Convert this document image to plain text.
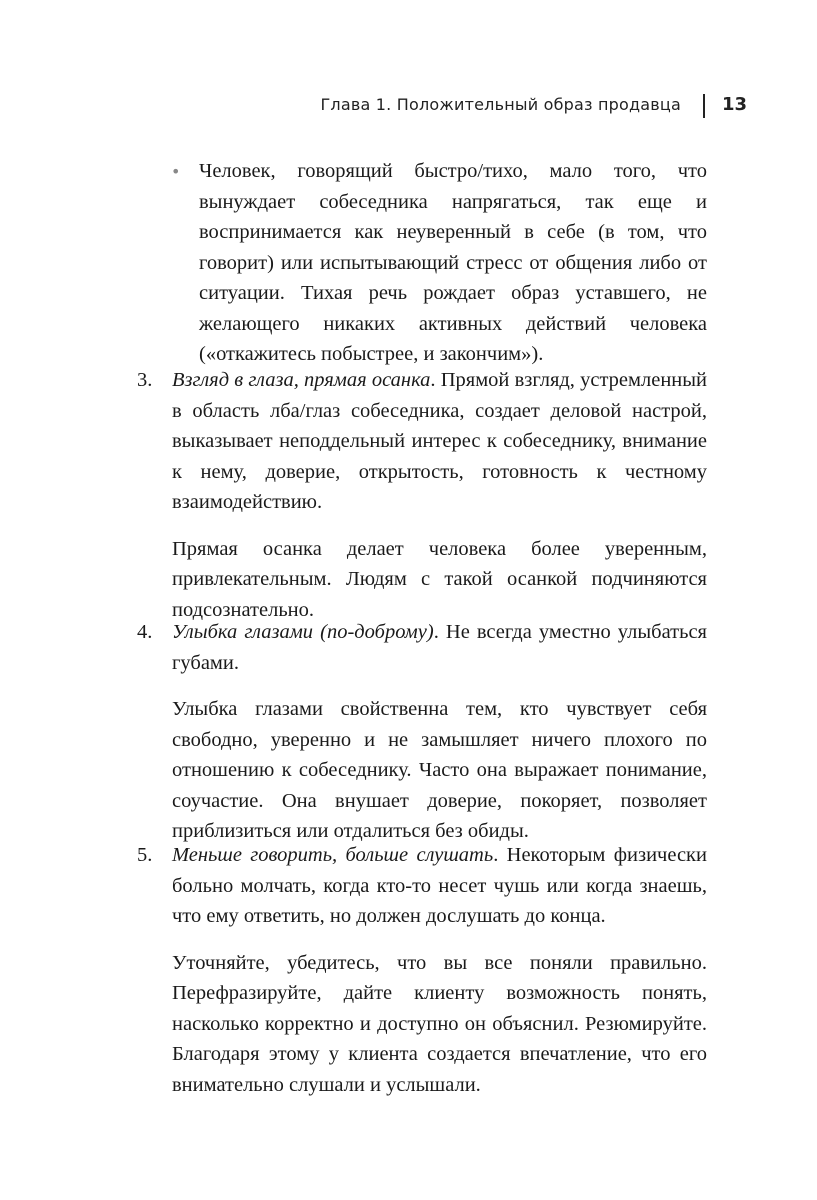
Глава 1. Положительный образ продавца 13
• Человек, говорящий быстро/тихо, мало того, что вынуждает собеседника напрягаться, так еще и воспринимается как неуверенный в себе (в том, что говорит) или испытывающий стресс от общения либо от ситуации. Тихая речь рождает образ уставшего, не желающего никаких активных действий человека («откажитесь побыстрее, и закончим»).

3. Взгляд в глаза, прямая осанка. Прямой взгляд, устремленный в область лба/глаз собеседника, создает деловой настрой, выказывает неподдельный интерес к собеседнику, внимание к нему, доверие, открытость, готовность к честному взаимодействию.

Прямая осанка делает человека более уверенным, привлекательным. Людям с такой осанкой подчиняются подсознательно.

4. Улыбка глазами (по-доброму). Не всегда уместно улыбаться губами.

Улыбка глазами свойственна тем, кто чувствует себя свободно, уверенно и не замышляет ничего плохого по отношению к собеседнику. Часто она выражает понимание, соучастие. Она внушает доверие, покоряет, позволяет приблизиться или отдалиться без обиды.

5. Меньше говорить, больше слушать. Некоторым физически больно молчать, когда кто-то несет чушь или когда знаешь, что ему ответить, но должен дослушать до конца.

Уточняйте, убедитесь, что вы все поняли правильно. Перефразируйте, дайте клиенту возможность понять, насколько корректно и доступно он объяснил. Резюмируйте. Благодаря этому у клиента создается впечатление, что его внимательно слушали и услышали.
